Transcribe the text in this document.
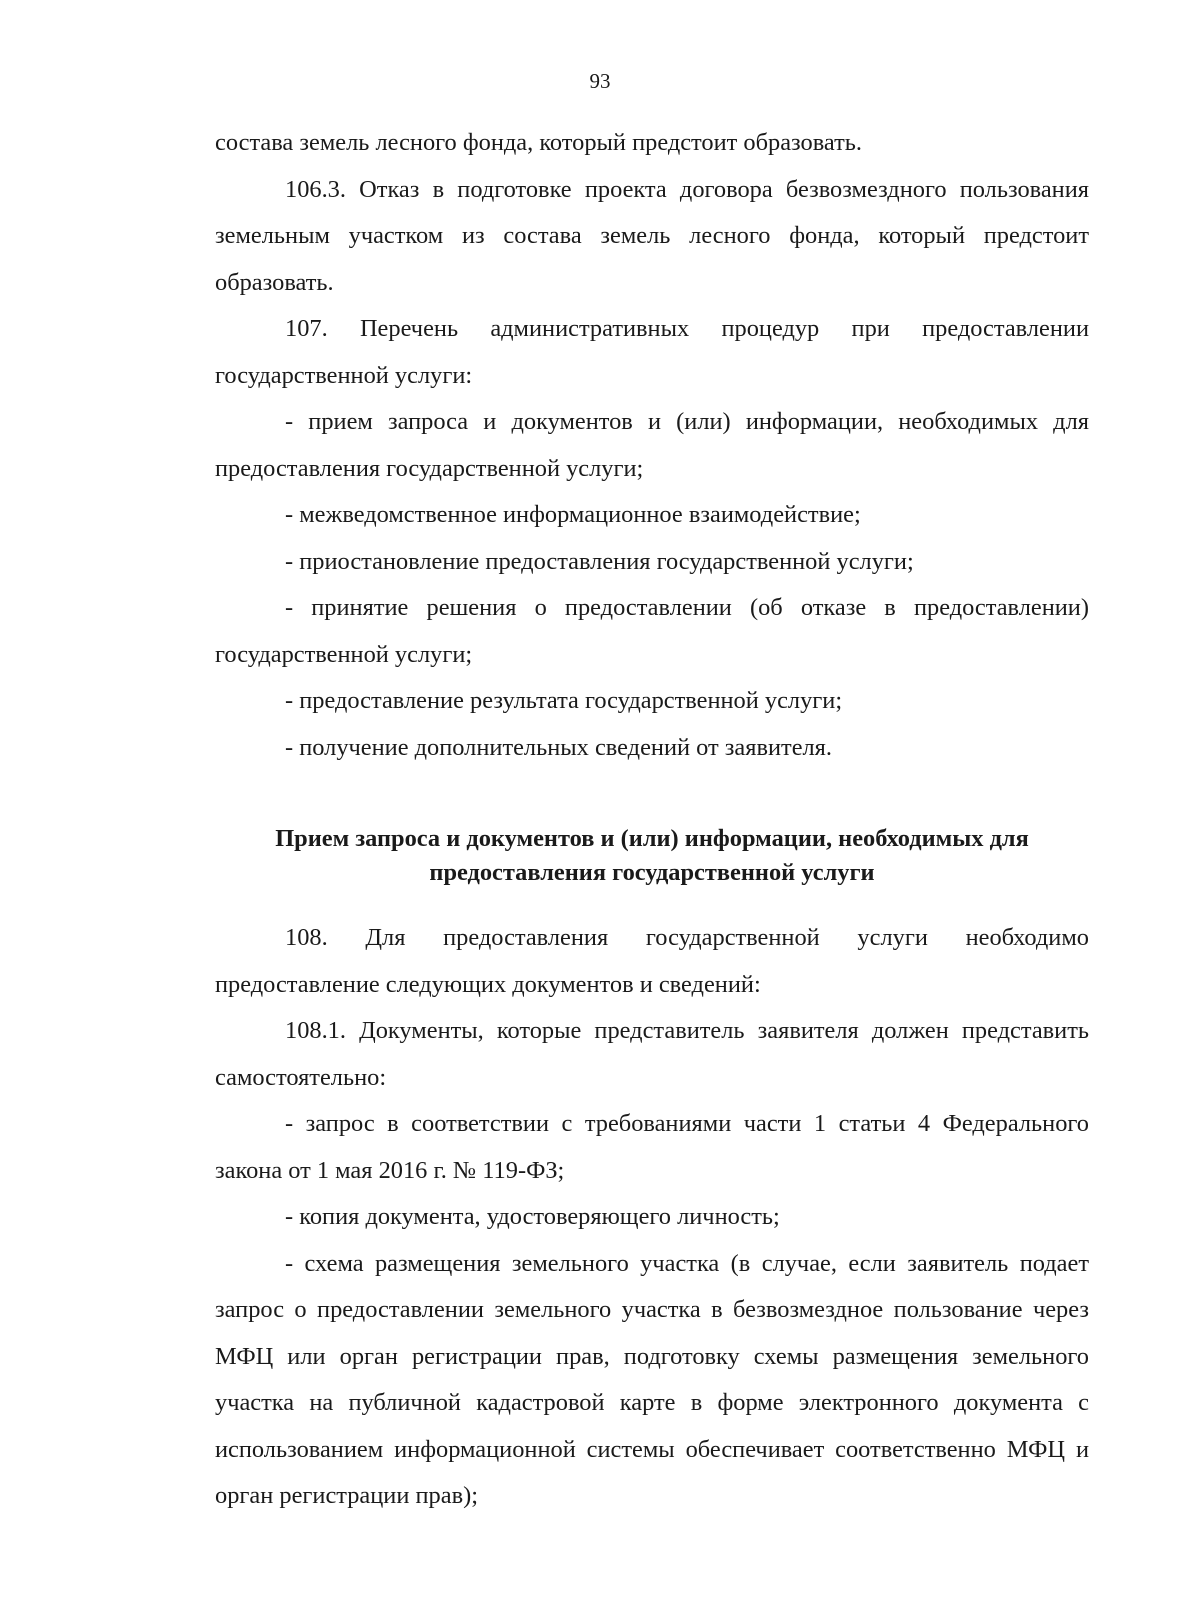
93

состава земель лесного фонда, который предстоит образовать.

106.3. Отказ в подготовке проекта договора безвозмездного пользования земельным участком из состава земель лесного фонда, который предстоит образовать.

107. Перечень административных процедур при предоставлении государственной услуги:

- прием запроса и документов и (или) информации, необходимых для предоставления государственной услуги;

- межведомственное информационное взаимодействие;

- приостановление предоставления государственной услуги;

- принятие решения о предоставлении (об отказе в предоставлении) государственной услуги;

- предоставление результата государственной услуги;

- получение дополнительных сведений от заявителя.

Прием запроса и документов и (или) информации, необходимых для предоставления государственной услуги

108. Для предоставления государственной услуги необходимо предоставление следующих документов и сведений:

108.1. Документы, которые представитель заявителя должен представить самостоятельно:

- запрос в соответствии с требованиями части 1 статьи 4 Федерального закона от 1 мая 2016 г. № 119-ФЗ;

- копия документа, удостоверяющего личность;

- схема размещения земельного участка (в случае, если заявитель подает запрос о предоставлении земельного участка в безвозмездное пользование через МФЦ или орган регистрации прав, подготовку схемы размещения земельного участка на публичной кадастровой карте в форме электронного документа с использованием информационной системы обеспечивает соответственно МФЦ и орган регистрации прав);
